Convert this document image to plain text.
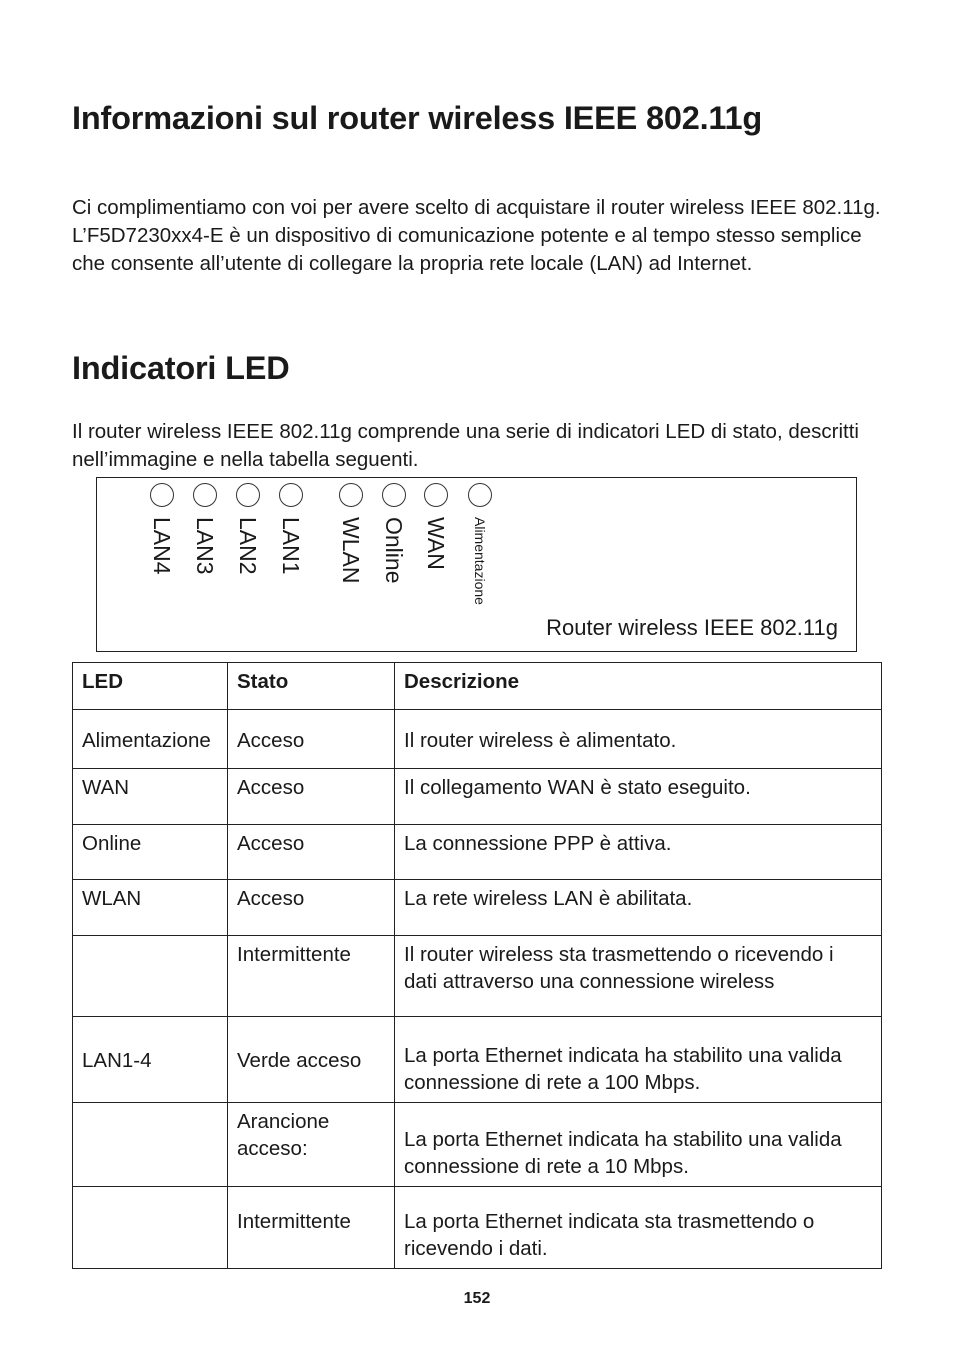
Informazioni sul router wireless IEEE 802.11g

Ci complimentiamo con voi per avere scelto di acquistare il router wireless IEEE 802.11g. L’F5D7230xx4-E è un dispositivo di comunicazione potente e al tempo stesso semplice che consente all’utente di collegare la propria rete locale (LAN) ad Internet.

Indicatori LED

Il router wireless IEEE 802.11g comprende una serie di indicatori LED di stato, descritti nell’immagine e nella tabella seguenti.

LAN4 LAN3 LAN2 LAN1 WLAN Online WAN Alimentazione
Router wireless IEEE 802.11g
LED	Stato	Descrizione
Alimentazione	Acceso	Il router wireless è alimentato.
WAN	Acceso	Il collegamento WAN è stato eseguito.
Online	Acceso	La connessione PPP è attiva.
WLAN	Acceso	La rete wireless LAN è abilitata.
	Intermittente	Il router wireless sta trasmettendo o ricevendo i dati attraverso una connessione wireless
LAN1-4	Verde acceso	La porta Ethernet indicata ha stabilito una valida connessione di rete a 100 Mbps.
	Arancione acceso:	La porta Ethernet indicata ha stabilito una valida connessione di rete a 10 Mbps.
	Intermittente	La porta Ethernet indicata sta trasmettendo o ricevendo i dati.
152
